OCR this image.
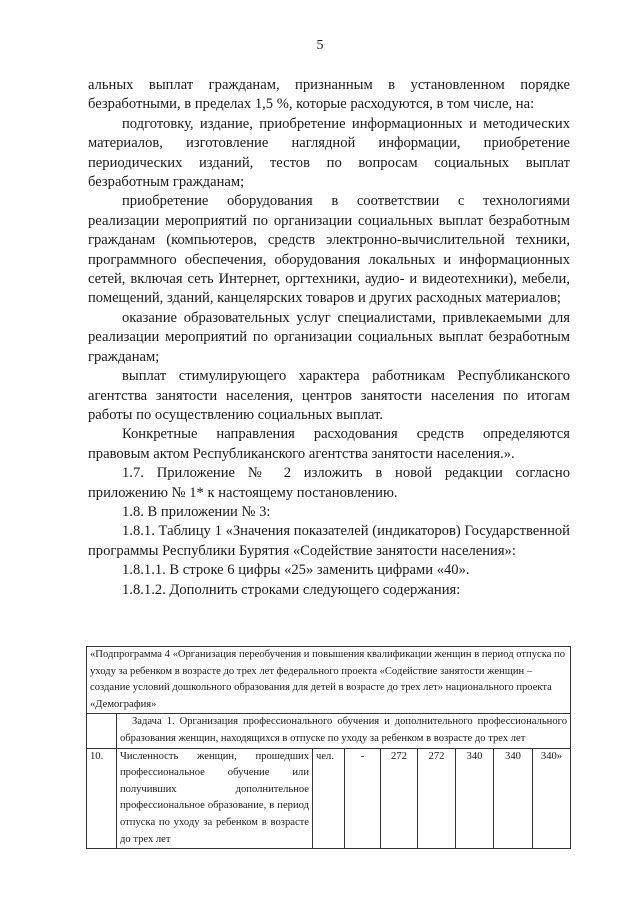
5

альных выплат гражданам, признанным в установленном порядке безработными, в пределах 1,5 %, которые расходуются, в том числе, на:

подготовку, издание, приобретение информационных и методических материалов, изготовление наглядной информации, приобретение периодических изданий, тестов по вопросам социальных выплат безработным гражданам;

приобретение оборудования в соответствии с технологиями реализации мероприятий по организации социальных выплат безработным гражданам (компьютеров, средств электронно-вычислительной техники, программного обеспечения, оборудования локальных и информационных сетей, включая сеть Интернет, оргтехники, аудио- и видеотехники), мебели, помещений, зданий, канцелярских товаров и других расходных материалов;

оказание образовательных услуг специалистами, привлекаемыми для реализации мероприятий по организации социальных выплат безработным гражданам;

выплат стимулирующего характера работникам Республиканского агентства занятости населения, центров занятости населения по итогам работы по осуществлению социальных выплат.

Конкретные направления расходования средств определяются правовым актом Республиканского агентства занятости населения.».

1.7. Приложение № 2 изложить в новой редакции согласно приложению № 1* к настоящему постановлению.

1.8. В приложении № 3:

1.8.1. Таблицу 1 «Значения показателей (индикаторов) Государственной программы Республики Бурятия «Содействие занятости населения»:

1.8.1.1. В строке 6 цифры «25» заменить цифрами «40».

1.8.1.2. Дополнить строками следующего содержания:

«Подпрограмма 4 «Организация переобучения и повышения квалификации женщин в период отпуска по уходу за ребенком в возрасте до трех лет федерального проекта «Содействие занятости женщин – создание условий дошкольного образования для детей в возрасте до трех лет» национального проекта «Демография»								
	Задача 1. Организация профессионального обучения и дополнительного профессионального образования женщин, находящихся в отпуске по уходу за ребенком в возрасте до трех лет							
10.	Численность женщин, прошедших профессиональное обучение или получивших дополнительное профессиональное образование, в период отпуска по уходу за ребенком в возрасте до трех лет	чел.	-	272	272	340	340	340»
